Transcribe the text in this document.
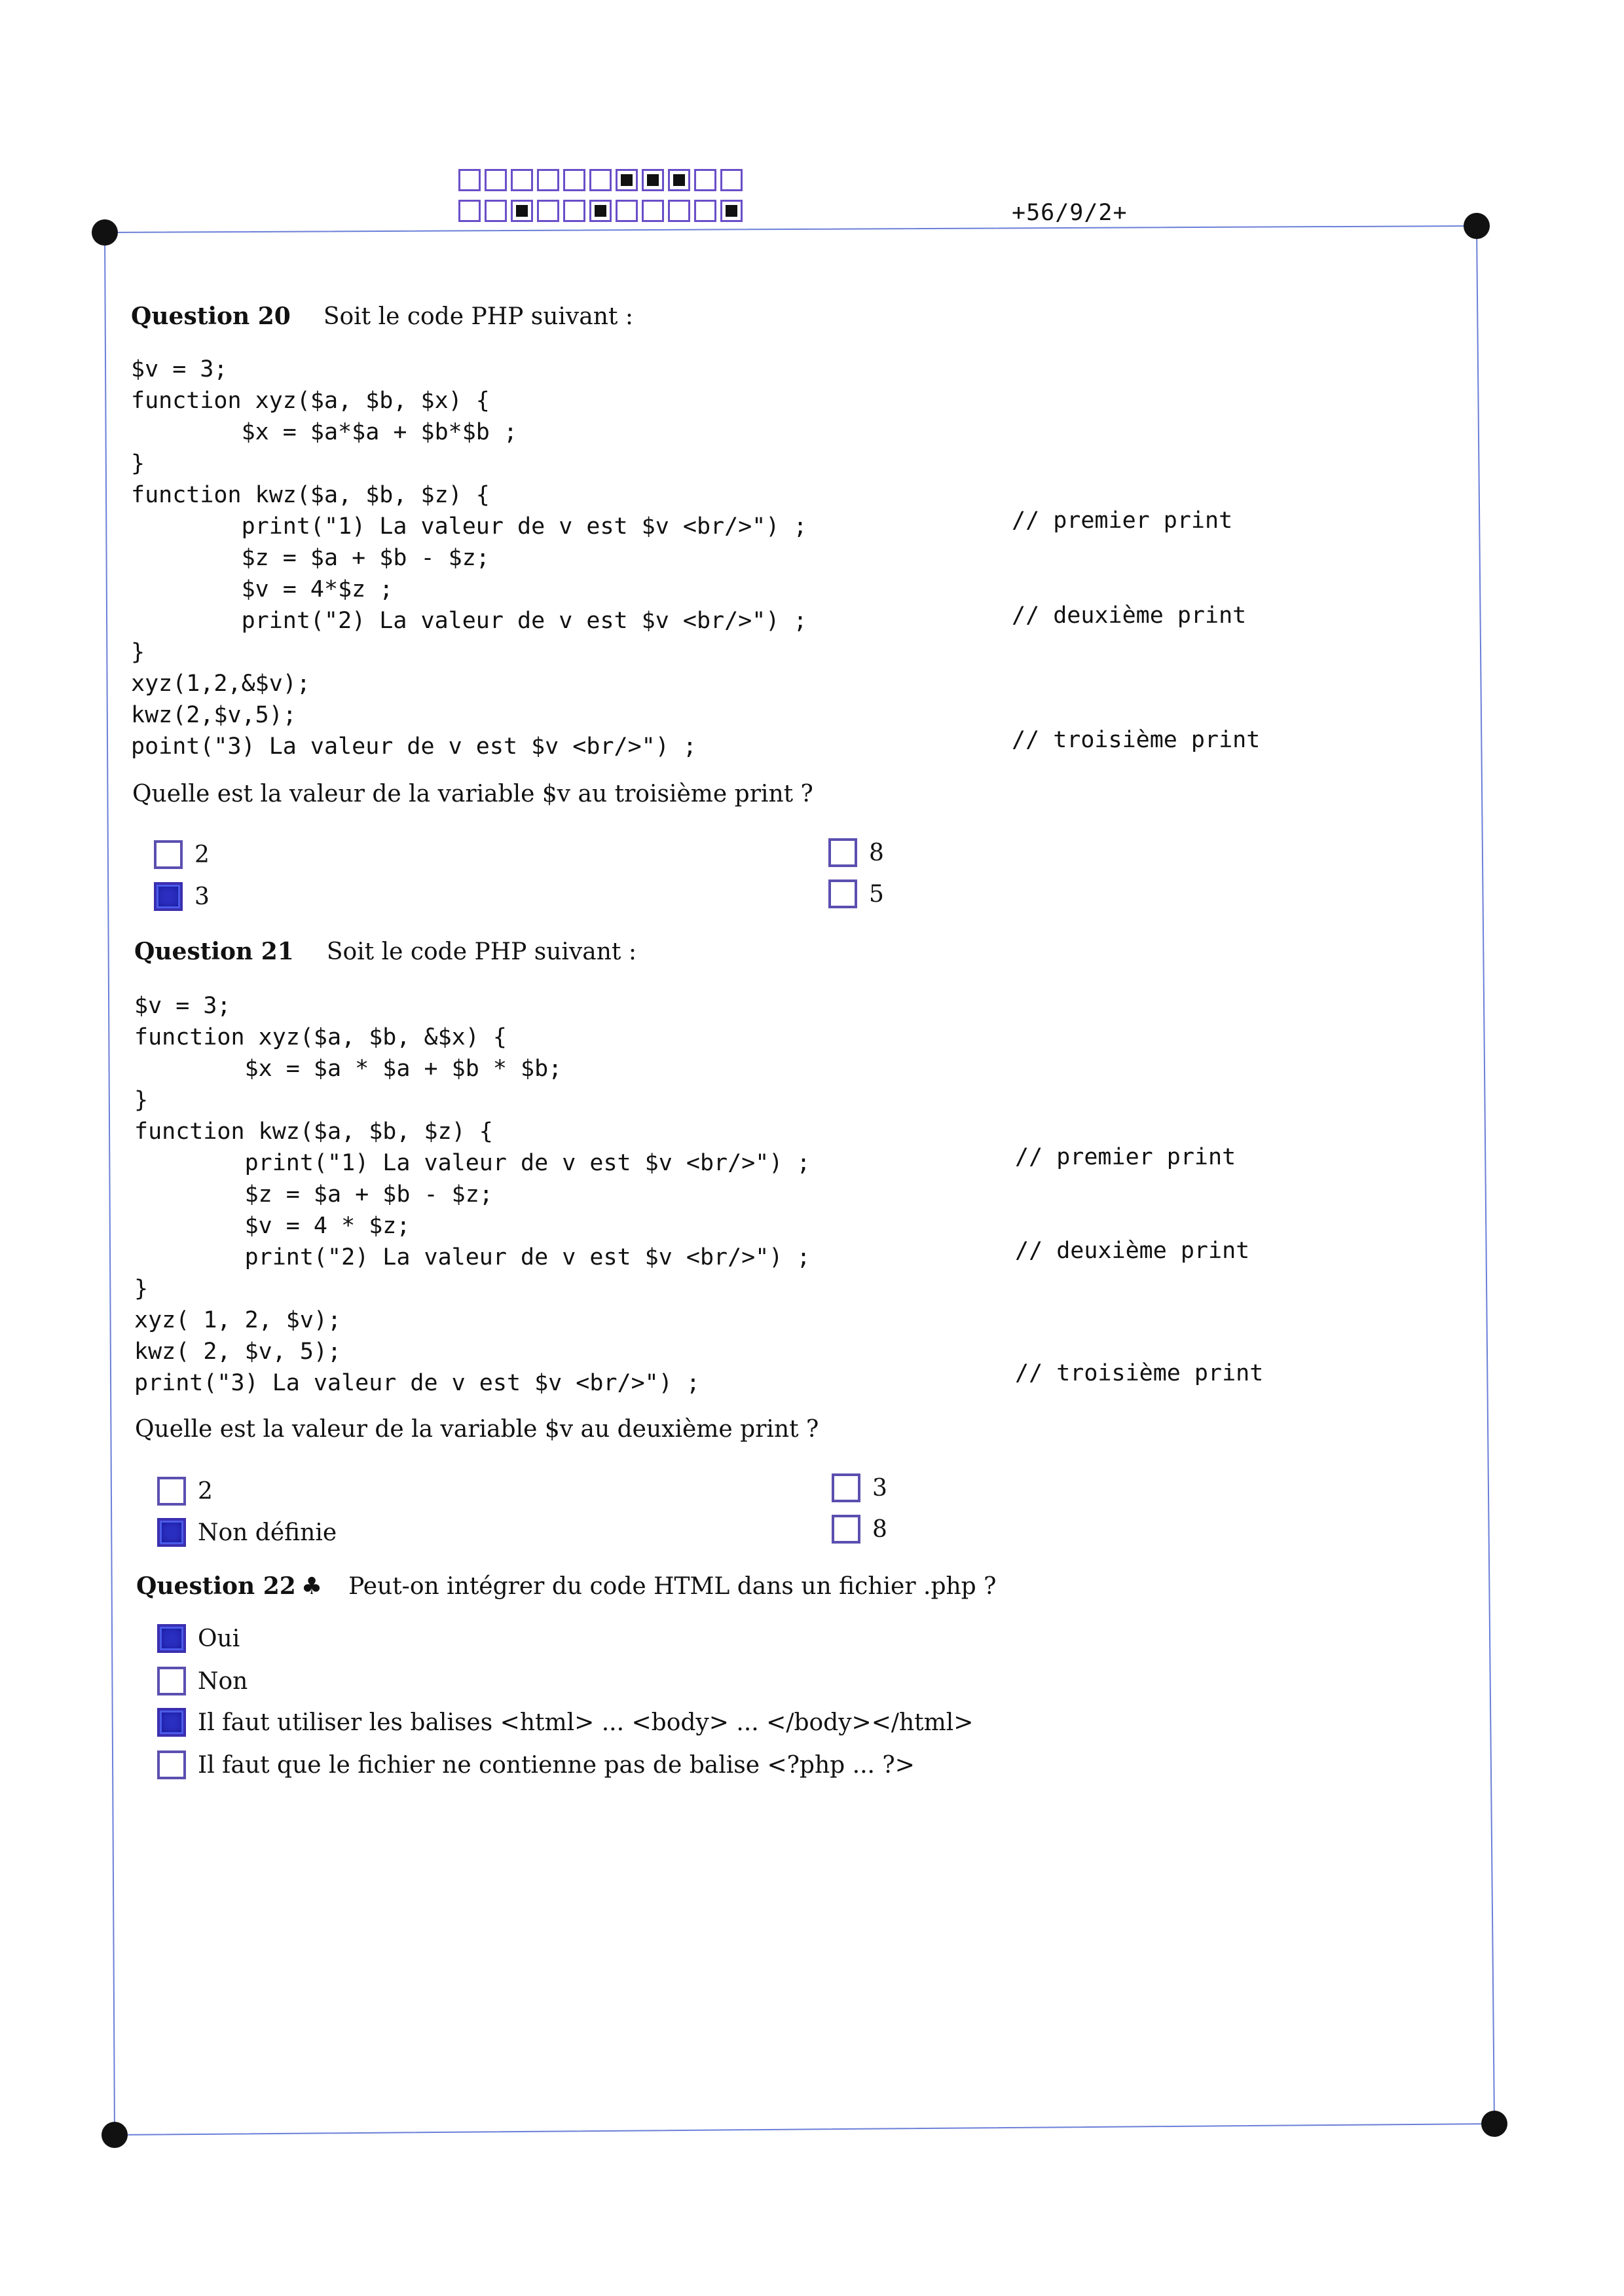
+56/9/2+
Question 20 Soit le code PHP suivant :
$v = 3;
function xyz($a, $b, $x) {
$x = $a*$a + $b*$b ;
}
function kwz($a, $b, $z) {
print("1) La valeur de v est $v <br/>") ;
$z = $a + $b - $z;
$v = 4*$z ;
print("2) La valeur de v est $v <br/>") ;
}
xyz(1,2,&$v);
kwz(2,$v,5);
point("3) La valeur de v est $v <br/>") ;
// premier print
// deuxième print
// troisième print
Quelle est la valeur de la variable $v au troisième print ?
2
3
8
5
Question 21 Soit le code PHP suivant :
$v = 3;
function xyz($a, $b, &$x) {
$x = $a * $a + $b * $b;
}
function kwz($a, $b, $z) {
print("1) La valeur de v est $v <br/>") ;
$z = $a + $b - $z;
$v = 4 * $z;
print("2) La valeur de v est $v <br/>") ;
}
xyz( 1, 2, $v);
kwz( 2, $v, 5);
print("3) La valeur de v est $v <br/>") ;
// premier print
// deuxième print
// troisième print
Quelle est la valeur de la variable $v au deuxième print ?
2
Non définie
3
8
Question 22 ♣ Peut-on intégrer du code HTML dans un fichier .php ?
Oui
Non
Il faut utiliser les balises <html> ... <body> ... </body></html>
Il faut que le fichier ne contienne pas de balise <?php ... ?>
